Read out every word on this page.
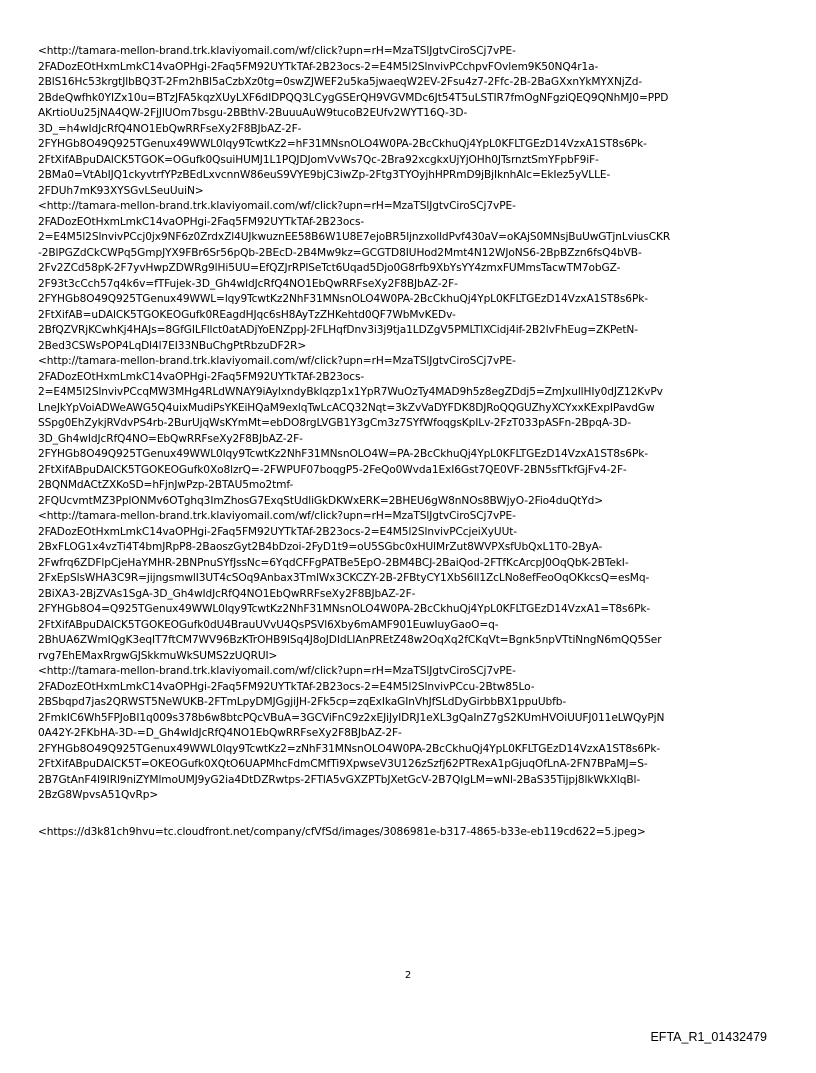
<http://tamara-mellon-brand.trk.klaviyomail.com/wf/click?upn=rH=MzaTSlJgtvCiroSCj7vPE-
2FADozEOtHxmLmkC14vaOPHgi-2Faq5FM92UYTkTAf-2B23ocs-2=E4M5l2SlnvivPCchpvFOvlem9K50NQ4r1a-
2BlS16Hc53krgtJlbBQ3T-2Fm2hBl5aCzbXz0tg=0swZJWEF2u5ka5jwaeqW2EV-2Fsu4z7-2Ffc-2B-2BaGXxnYkMYXNjZd-
2BdeQwfhk0YIZx10u=BTzJFA5kqzXUyLXF6dIDPQQ3LCygGSErQH9VGVMDc6Jt54T5uLSTIR7fmOgNFgziQEQ9QNhMJ0=PPD
AKrtioUu25jNA4QW-2FjJlUOm7bsgu-2BBthV-2BuuuAuW9tucoB2EUfv2WYT16Q-3D-
3D_=h4wIdJcRfQ4NO1EbQwRRFseXy2F8BJbAZ-2F-
2FYHGb8O49Q925TGenux49WWL0lqy9TcwtKz2=hF31MNsnOLO4W0PA-2BcCkhuQj4YpL0KFLTGEzD14VzxA1ST8s6Pk-
2FtXifABpuDAlCK5TGOK=OGufk0QsuiHUMJ1L1PQJDJomVvWs7Qc-2Bra92xcgkxUjYjOHh0JTsrnztSmYFpbF9iF-
2BMa0=VtAbIJQ1ckyvtrfYPzBEdLxvcnnW86euS9VYE9bjC3iwZp-2Ftg3TYOyjhHPRmD9jBjIknhAlc=EkIez5yVLLE-
2FDUh7mK93XYSGvLSeuUuiN>
<http://tamara-mellon-brand.trk.klaviyomail.com/wf/click?upn=rH=MzaTSlJgtvCiroSCj7vPE-
2FADozEOtHxmLmkC14vaOPHgi-2Faq5FM92UYTkTAf-2B23ocs-
2=E4M5l2SlnvivPCcj0jx9NF6z0ZrdxZl4UJkwuznEE58B6W1U8E7ejoBR5ljnzxolldPvf430aV=oKAjS0MNsjBuUwGTjnLviusCKR
-2BlPGZdCkCWPq5GmpJYX9FBr6Sr56pQb-2BEcD-2B4Mw9kz=GCGTD8IUHod2Mmt4N12WJoNS6-2BpBZzn6fsQ4bVB-
2Fv2ZCd58pK-2F7yvHwpZDWRg9lHi5UU=EfQZJrRPlSeTct6Uqad5Djo0G8rfb9XbYsYY4zmxFUMmsTacwTM7obGZ-
2F93t3cCch57q4k6v=fTFujek-3D_Gh4wIdJcRfQ4NO1EbQwRRFseXy2F8BJbAZ-2F-
2FYHGb8O49Q925TGenux49WWL=lqy9TcwtKz2NhF31MNsnOLO4W0PA-2BcCkhuQj4YpL0KFLTGEzD14VzxA1ST8s6Pk-
2FtXifAB=uDAlCK5TGOKEOGufk0REagdHJqc6sH8AyTzZHKehtd0QF7WbMvKEDv-
2BfQZVRjKCwhKj4HAJs=8GfGILFllct0atADjYoENZppJ-2FLHqfDnv3i3j9tja1LDZgV5PMLTlXCidj4if-2B2lvFhEug=ZKPetN-
2Bed3CSWsPOP4LqDl4l7EI33NBuChgPtRbzuDF2R>
<http://tamara-mellon-brand.trk.klaviyomail.com/wf/click?upn=rH=MzaTSlJgtvCiroSCj7vPE-
2FADozEOtHxmLmkC14vaOPHgi-2Faq5FM92UYTkTAf-2B23ocs-
2=E4M5l2SlnvivPCcqMW3MHg4RLdWNAY9iAylxndyBklqzp1x1YpR7WuOzTy4MAD9h5z8egZDdj5=ZmJxullHIy0dJZ12KvPv
LneJkYpVoiADWeAWG5Q4uixMudiPsYKEiHQaM9exlqTwLcACQ32Nqt=3kZvVaDYFDK8DJRoQQGUZhyXCYxxKExpIPavdGw
SSpg0EhZykjRVdvPS4rb-2BurUjqWsKYmMt=ebDO8rgLVGB1Y3gCm3z7SYfWfoqgsKpILv-2FzT033pASFn-2BpqA-3D-
3D_Gh4wIdJcRfQ4NO=EbQwRRFseXy2F8BJbAZ-2F-
2FYHGb8O49Q925TGenux49WWL0lqy9TcwtKz2NhF31MNsnOLO4W=PA-2BcCkhuQj4YpL0KFLTGEzD14VzxA1ST8s6Pk-
2FtXifABpuDAlCK5TGOKEOGufk0Xo8lzrQ=-2FWPUF07boqgP5-2FeQo0Wvda1ExI6Gst7QE0VF-2BN5sfTkfGjFv4-2F-
2BQNMdACtZXKoSD=hFjnJwPzp-2BTAU5mo2tmf-
2FQUcvmtMZ3PplONMv6OTghq3ImZhosG7ExqStUdliGkDKWxERK=2BHEU6gW8nNOs8BWjyO-2Fio4duQtYd>
<http://tamara-mellon-brand.trk.klaviyomail.com/wf/click?upn=rH=MzaTSlJgtvCiroSCj7vPE-
2FADozEOtHxmLmkC14vaOPHgi-2Faq5FM92UYTkTAf-2B23ocs-2=E4M5l2SlnvivPCcjeiXyUUt-
2BxFLOG1x4vzTi4T4bmJRpP8-2BaoszGyt2B4bDzoi-2FyD1t9=oU5SGbc0xHUlMrZut8WVPXsfUbQxL1T0-2ByA-
2Fwfrq6ZDFlpCjeHaYMHR-2BNPnuSYfJssNc=6YqdCFFgPATBe5EpO-2BM4BCJ-2BaiQod-2FTfKcArcpJ0OqQbK-2BTekI-
2FxEpSlsWHA3C9R=jijngsmwlI3UT4cSOq9Anbax3TmlWx3CKCZY-2B-2FBtyCY1XbS6ll1ZcLNo8efFeoOqOKkcsQ=esMq-
2BiXA3-2BjZVAs1SgA-3D_Gh4wIdJcRfQ4NO1EbQwRRFseXy2F8BJbAZ-2F-
2FYHGb8O4=Q925TGenux49WWL0lqy9TcwtKz2NhF31MNsnOLO4W0PA-2BcCkhuQj4YpL0KFLTGEzD14VzxA1=T8s6Pk-
2FtXifABpuDAlCK5TGOKEOGufk0dU4BrauUVvU4QsPSVl6Xby6mAMF901EuwIuyGaoO=q-
2BhUA6ZWmIQgK3eqIT7ftCM7WV96BzKTrOHB9lSq4J8oJDIdLIAnPREtZ48w2OqXq2fCKqVt=Bgnk5npVTtiNngN6mQQ5Ser
rvg7EhEMaxRrgwGJSkkmuWkSUMS2zUQRUI>
<http://tamara-mellon-brand.trk.klaviyomail.com/wf/click?upn=rH=MzaTSlJgtvCiroSCj7vPE-
2FADozEOtHxmLmkC14vaOPHgi-2Faq5FM92UYTkTAf-2B23ocs-2=E4M5l2SlnvivPCcu-2Btw85Lo-
2BSbqpd7jas2QRWST5NeWUKB-2FTmLpyDMJGgjiJH-2Fk5cp=zqExIkaGInVhJfSLdDyGirbbBX1ppuUbfb-
2FmkIC6Wh5FPJoBI1q009s378b6w8btcPQcVBuA=3GCViFnC9z2xEJiJyIDRJ1eXL3gQaInZ7gS2KUmHVOiUUFJ011eLWQyPjN
0A42Y-2FKbHA-3D-=D_Gh4wIdJcRfQ4NO1EbQwRRFseXy2F8BJbAZ-2F-
2FYHGb8O49Q925TGenux49WWL0lqy9TcwtKz2=zNhF31MNsnOLO4W0PA-2BcCkhuQj4YpL0KFLTGEzD14VzxA1ST8s6Pk-
2FtXifABpuDAlCK5T=OKEOGufk0XQtO6UAPMhcFdmCMfTi9XpwseV3U126zSzfj62PTRexA1pGjuqOfLnA-2FN7BPaMJ=S-
2B7GtAnF4I9IRl9niZYMlmoUMJ9yG2ia4DtDZRwtps-2FTlA5vGXZPTbJXetGcV-2B7QIgLM=wNl-2BaS35Tijpj8lkWkXlqBl-
2BzG8WpvsA51QvRp>
<https://d3k81ch9hvu=tc.cloudfront.net/company/cfVfSd/images/3086981e-b317-4865-b33e-eb119cd622=5.jpeg>
2
EFTA_R1_01432479
